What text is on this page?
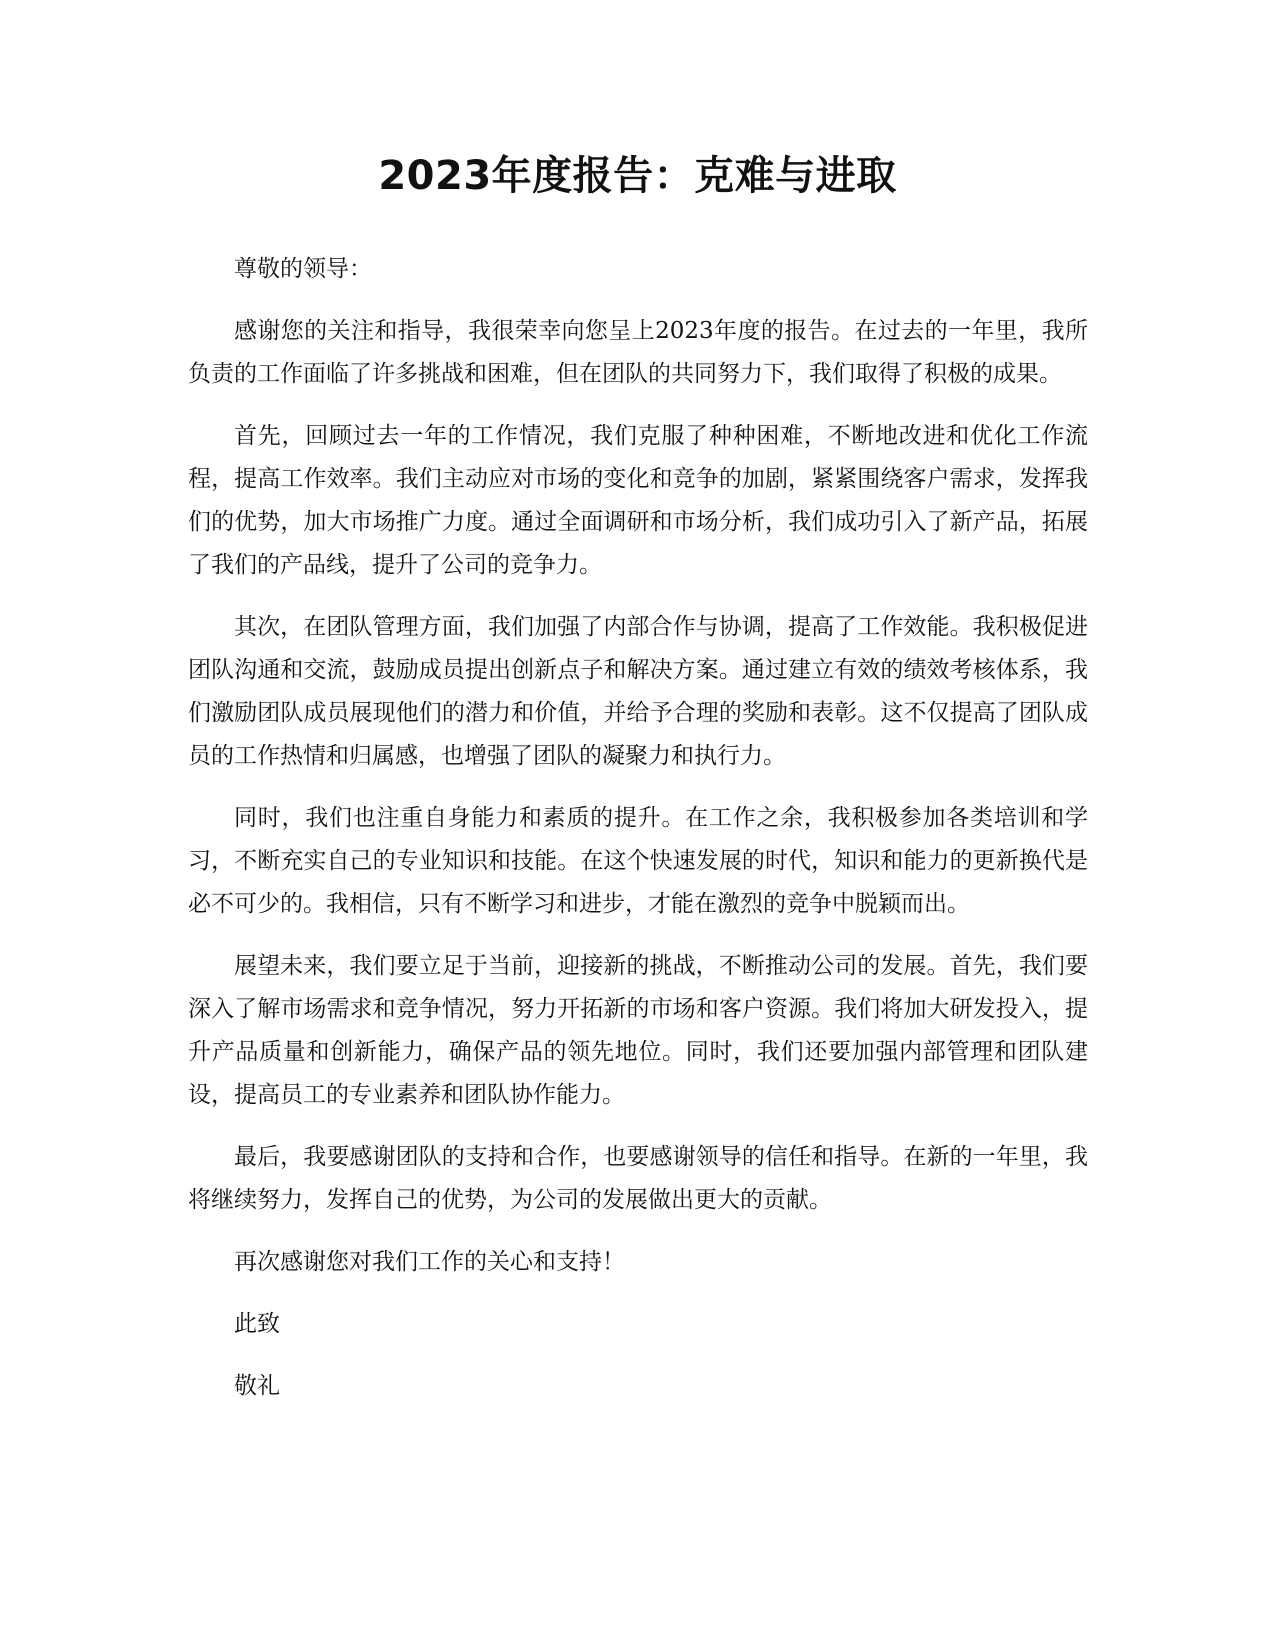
2023年度报告：克难与进取

尊敬的领导：

感谢您的关注和指导，我很荣幸向您呈上2023年度的报告。在过去的一年里，我所负责的工作面临了许多挑战和困难，但在团队的共同努力下，我们取得了积极的成果。

首先，回顾过去一年的工作情况，我们克服了种种困难，不断地改进和优化工作流程，提高工作效率。我们主动应对市场的变化和竞争的加剧，紧紧围绕客户需求，发挥我们的优势，加大市场推广力度。通过全面调研和市场分析，我们成功引入了新产品，拓展了我们的产品线，提升了公司的竞争力。

其次，在团队管理方面，我们加强了内部合作与协调，提高了工作效能。我积极促进团队沟通和交流，鼓励成员提出创新点子和解决方案。通过建立有效的绩效考核体系，我们激励团队成员展现他们的潜力和价值，并给予合理的奖励和表彰。这不仅提高了团队成员的工作热情和归属感，也增强了团队的凝聚力和执行力。

同时，我们也注重自身能力和素质的提升。在工作之余，我积极参加各类培训和学习，不断充实自己的专业知识和技能。在这个快速发展的时代，知识和能力的更新换代是必不可少的。我相信，只有不断学习和进步，才能在激烈的竞争中脱颖而出。

展望未来，我们要立足于当前，迎接新的挑战，不断推动公司的发展。首先，我们要深入了解市场需求和竞争情况，努力开拓新的市场和客户资源。我们将加大研发投入，提升产品质量和创新能力，确保产品的领先地位。同时，我们还要加强内部管理和团队建设，提高员工的专业素养和团队协作能力。

最后，我要感谢团队的支持和合作，也要感谢领导的信任和指导。在新的一年里，我将继续努力，发挥自己的优势，为公司的发展做出更大的贡献。

再次感谢您对我们工作的关心和支持！

此致

敬礼
